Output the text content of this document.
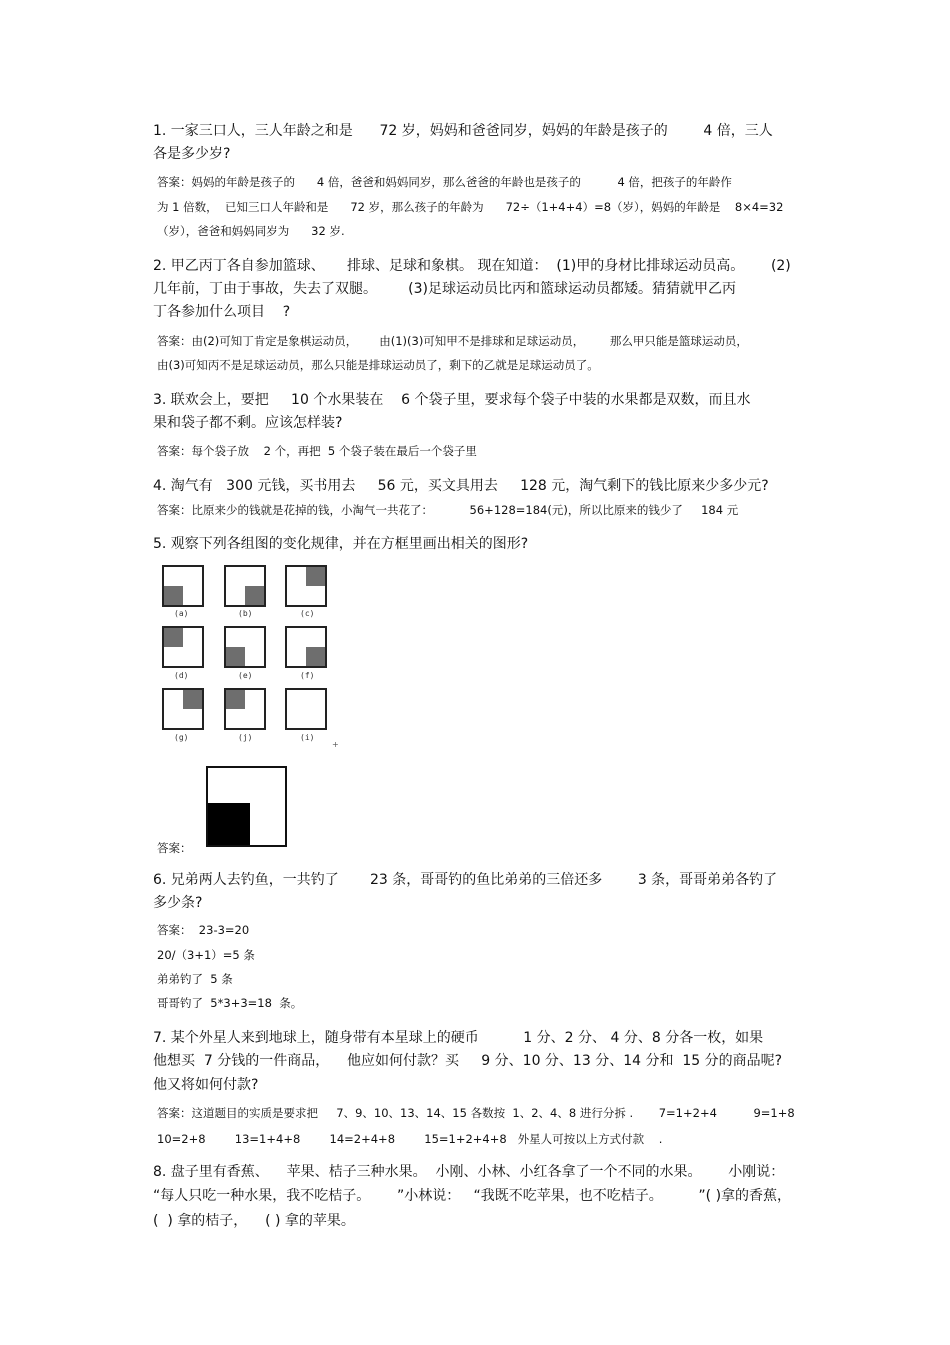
1. 一家三口人，三人年龄之和是      72 岁，妈妈和爸爸同岁，妈妈的年龄是孩子的        4 倍，三人
各是多少岁?
答案：妈妈的年龄是孩子的      4 倍，爸爸和妈妈同岁，那么爸爸的年龄也是孩子的          4 倍，把孩子的年龄作
为 1 倍数，  已知三口人年龄和是      72 岁，那么孩子的年龄为      72÷（1+4+4）=8（岁），妈妈的年龄是    8×4=32
（岁），爸爸和妈妈同岁为      32 岁.
2. 甲乙丙丁各自参加篮球、     排球、足球和象棋。 现在知道：  (1)甲的身材比排球运动员高。      (2)
几年前，丁由于事故，失去了双腿。       (3)足球运动员比丙和篮球运动员都矮。猜猜就甲乙丙
丁各参加什么项目    ?
答案：由(2)可知丁肯定是象棋运动员，      由(1)(3)可知甲不是排球和足球运动员，       那么甲只能是篮球运动员，
由(3)可知丙不是足球运动员，那么只能是排球运动员了，剩下的乙就是足球运动员了。
3. 联欢会上，要把     10 个水果装在    6 个袋子里，要求每个袋子中装的水果都是双数，而且水
果和袋子都不剩。应该怎样装?
答案：每个袋子放    2 个，再把  5 个袋子装在最后一个袋子里
4. 淘气有   300 元钱，买书用去     56 元，买文具用去     128 元，淘气剩下的钱比原来少多少元?
答案：比原来少的钱就是花掉的钱，小淘气一共花了：          56+128=184(元)，所以比原来的钱少了     184 元
5. 观察下列各组图的变化规律，并在方框里画出相关的图形?
(a)	(b)	(c)
(d)	(e)	(f)
(g)	(j)	(i)
+
答案：
6. 兄弟两人去钓鱼，一共钓了       23 条，哥哥钓的鱼比弟弟的三倍还多        3 条，哥哥弟弟各钓了
多少条?
答案：  23-3=20
20/（3+1）=5 条
弟弟钓了  5 条
哥哥钓了  5*3+3=18  条。
7. 某个外星人来到地球上，随身带有本星球上的硬币          1 分、2 分、 4 分、8 分各一枚，如果
他想买  7 分钱的一件商品，    他应如何付款？买     9 分、10 分、13 分、14 分和  15 分的商品呢?
他又将如何付款?
答案：这道题目的实质是要求把     7、9、10、13、14、15 各数按  1、2、4、8 进行分拆 .       7=1+2+4          9=1+8
10=2+8        13=1+4+8        14=2+4+8        15=1+2+4+8   外星人可按以上方式付款    .
8. 盘子里有香蕉、    苹果、桔子三种水果。  小刚、小林、小红各拿了一个不同的水果。      小刚说：
“每人只吃一种水果，我不吃桔子。      ”小林说：   “我既不吃苹果，也不吃桔子。        ”( )拿的香蕉，
(  ) 拿的桔子，    ( ) 拿的苹果。
